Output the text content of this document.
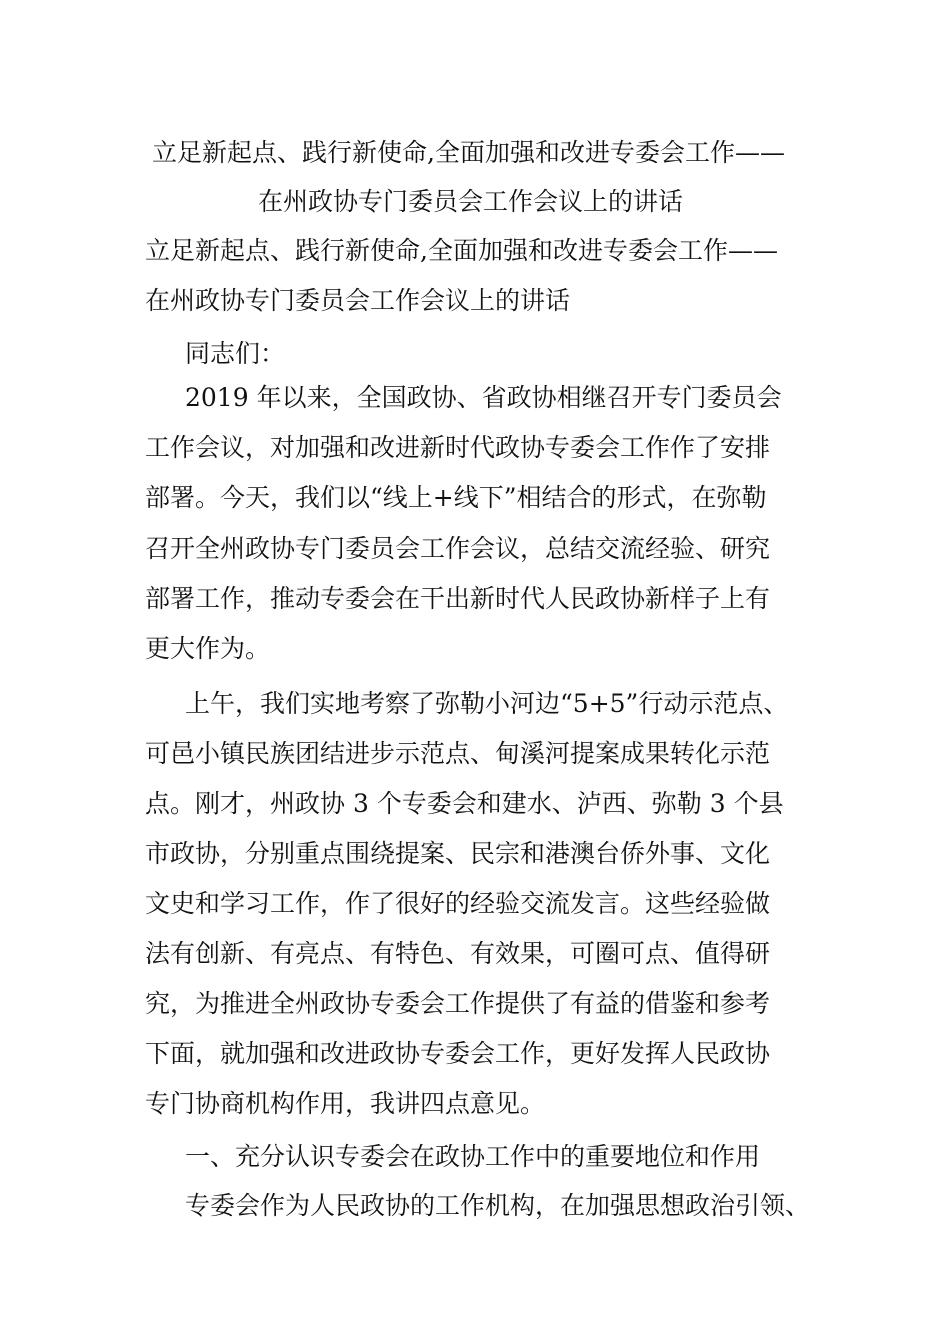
立足新起点、践行新使命,全面加强和改进专委会工作——
在州政协专门委员会工作会议上的讲话
立足新起点、践行新使命,全面加强和改进专委会工作——
在州政协专门委员会工作会议上的讲话
同志们：
2019 年以来，全国政协、省政协相继召开专门委员会
工作会议，对加强和改进新时代政协专委会工作作了安排
部署。今天，我们以“线上+线下”相结合的形式，在弥勒
召开全州政协专门委员会工作会议，总结交流经验、研究
部署工作，推动专委会在干出新时代人民政协新样子上有
更大作为。
上午，我们实地考察了弥勒小河边“5+5”行动示范点、
可邑小镇民族团结进步示范点、甸溪河提案成果转化示范
点。刚才，州政协 3 个专委会和建水、泸西、弥勒 3 个县
市政协，分别重点围绕提案、民宗和港澳台侨外事、文化
文史和学习工作，作了很好的经验交流发言。这些经验做
法有创新、有亮点、有特色、有效果，可圈可点、值得研
究，为推进全州政协专委会工作提供了有益的借鉴和参考
下面，就加强和改进政协专委会工作，更好发挥人民政协
专门协商机构作用，我讲四点意见。
一、充分认识专委会在政协工作中的重要地位和作用
专委会作为人民政协的工作机构，在加强思想政治引领、
